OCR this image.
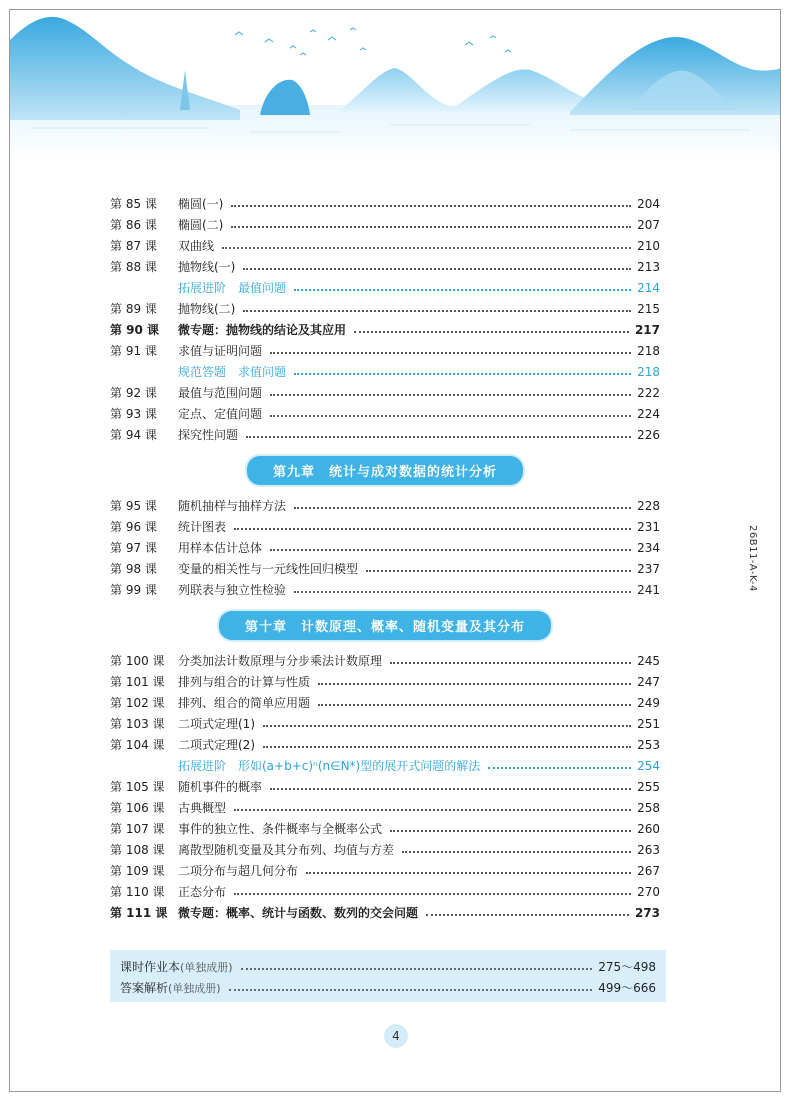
26B11-A-K-4
第 85 课	椭圆(一)	204
第 86 课	椭圆(二)	207
第 87 课	双曲线	210
第 88 课	抛物线(一)	213
拓展进阶　最值问题	214
第 89 课	抛物线(二)	215
第 90 课	微专题：抛物线的结论及其应用	217
第 91 课	求值与证明问题	218
规范答题　求值问题	218
第 92 课	最值与范围问题	222
第 93 课	定点、定值问题	224
第 94 课	探究性问题	226
第九章　统计与成对数据的统计分析
第 95 课	随机抽样与抽样方法	228
第 96 课	统计图表	231
第 97 课	用样本估计总体	234
第 98 课	变量的相关性与一元线性回归模型	237
第 99 课	列联表与独立性检验	241
第十章　计数原理、概率、随机变量及其分布
第 100 课	分类加法计数原理与分步乘法计数原理	245
第 101 课	排列与组合的计算与性质	247
第 102 课	排列、组合的简单应用题	249
第 103 课	二项式定理(1)	251
第 104 课	二项式定理(2)	253
拓展进阶　形如(a+b+c)ⁿ(n∈N*)型的展开式问题的解法	254
第 105 课	随机事件的概率	255
第 106 课	古典概型	258
第 107 课	事件的独立性、条件概率与全概率公式	260
第 108 课	离散型随机变量及其分布列、均值与方差	263
第 109 课	二项分布与超几何分布	267
第 110 课	正态分布	270
第 111 课 微专题：概率、统计与函数、数列的交会问题	273
课时作业本 (单独成册)	275～498
答案解析 (单独成册)	499～666
4
